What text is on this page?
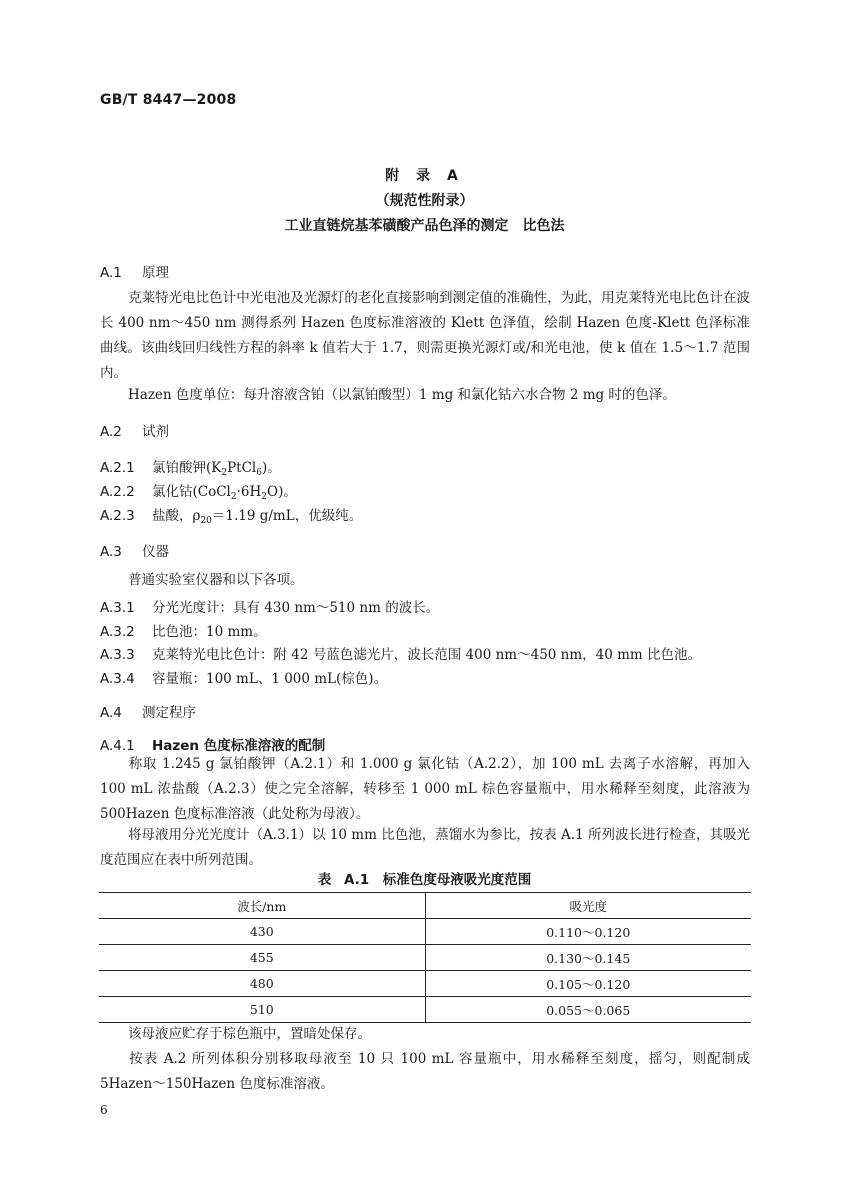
GB/T 8447—2008
附 录 A
（规范性附录）
工业直链烷基苯磺酸产品色泽的测定　比色法
A.1 原理
克莱特光电比色计中光电池及光源灯的老化直接影响到测定值的准确性，为此，用克莱特光电比色计在波长 400 nm～450 nm 测得系列 Hazen 色度标准溶液的 Klett 色泽值，绘制 Hazen 色度-Klett 色泽标准曲线。该曲线回归线性方程的斜率 k 值若大于 1.7，则需更换光源灯或/和光电池，使 k 值在 1.5～1.7 范围内。
Hazen 色度单位：每升溶液含铂（以氯铂酸型）1 mg 和氯化钴六水合物 2 mg 时的色泽。
A.2 试剂
A.2.1 氯铂酸钾$(K_2PtCl_6)$。
A.2.2 氯化钴$(CoCl_2\cdot 6H_2O)$。
A.2.3 盐酸，$\rho_{20}=1.19$ g/mL，优级纯。
A.3 仪器
普通实验室仪器和以下各项。
A.3.1 分光光度计：具有 430 nm～510 nm 的波长。
A.3.2 比色池：10 mm。
A.3.3 克莱特光电比色计：附 42 号蓝色滤光片，波长范围 400 nm～450 nm，40 mm 比色池。
A.3.4 容量瓶：100 mL、1 000 mL(棕色)。
A.4 测定程序
A.4.1 Hazen 色度标准溶液的配制
称取 1.245 g 氯铂酸钾（A.2.1）和 1.000 g 氯化钴（A.2.2），加 100 mL 去离子水溶解，再加入 100 mL 浓盐酸（A.2.3）使之完全溶解，转移至 1 000 mL 棕色容量瓶中，用水稀释至刻度，此溶液为 500Hazen 色度标准溶液（此处称为母液）。
将母液用分光光度计（A.3.1）以 10 mm 比色池，蒸馏水为参比，按表 A.1 所列波长进行检查，其吸光度范围应在表中所列范围。
表 A.1　标准色度母液吸光度范围
波长/nm	吸光度
430	0.110～0.120
455	0.130～0.145
480	0.105～0.120
510	0.055～0.065
该母液应贮存于棕色瓶中，置暗处保存。
按表 A.2 所列体积分别移取母液至 10 只 100 mL 容量瓶中，用水稀释至刻度，摇匀，则配制成 5Hazen～150Hazen 色度标准溶液。
6
